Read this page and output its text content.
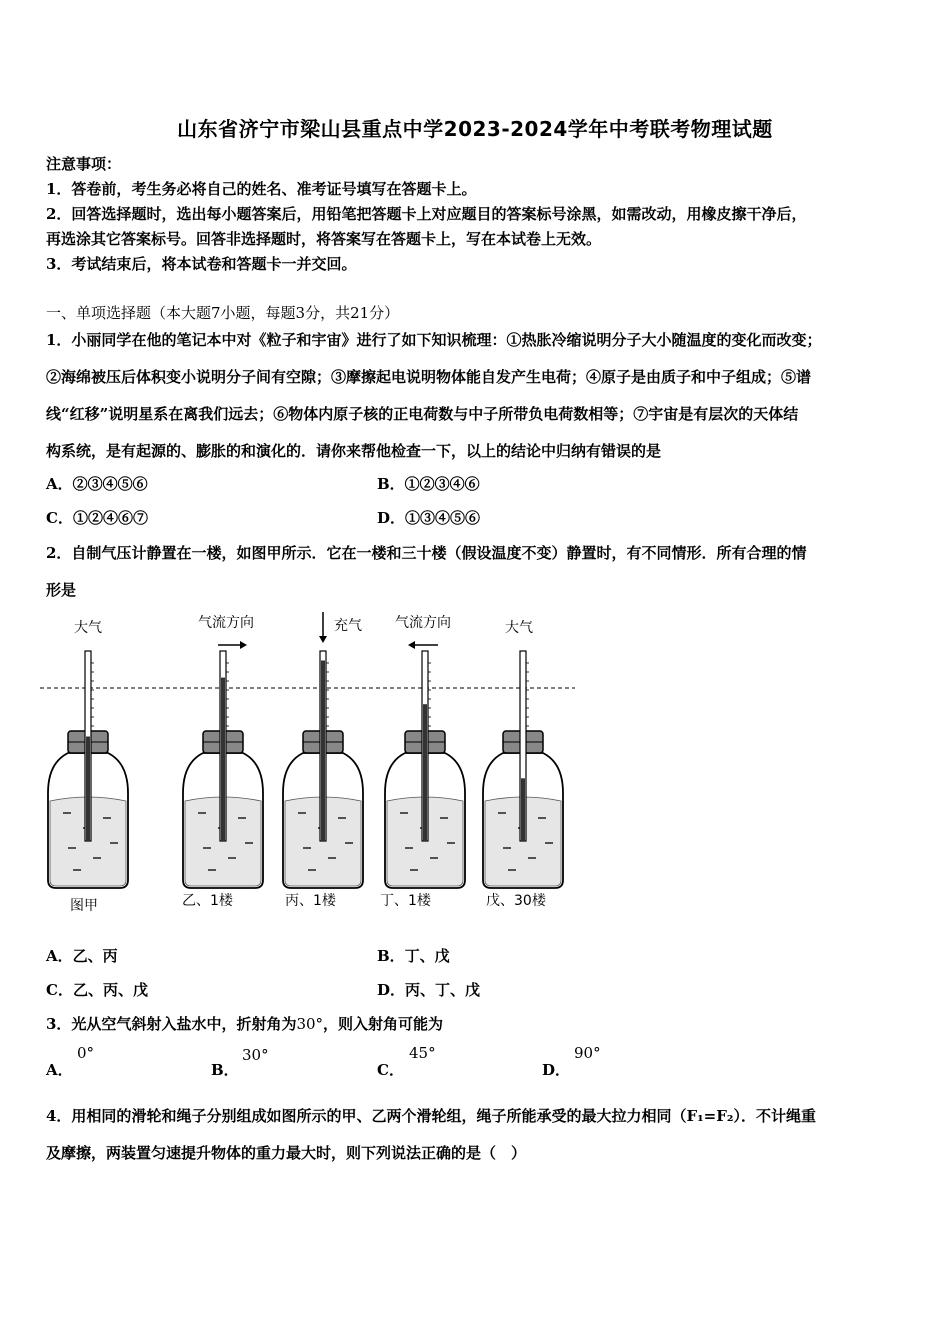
山东省济宁市梁山县重点中学2023-2024学年中考联考物理试题
注意事项：
1．答卷前，考生务必将自己的姓名、准考证号填写在答题卡上。
2．回答选择题时，选出每小题答案后，用铅笔把答题卡上对应题目的答案标号涂黑，如需改动，用橡皮擦干净后，
再选涂其它答案标号。回答非选择题时，将答案写在答题卡上，写在本试卷上无效。
3．考试结束后，将本试卷和答题卡一并交回。
一、单项选择题（本大题7小题，每题3分，共21分）
1．小丽同学在他的笔记本中对《粒子和宇宙》进行了如下知识梳理：①热胀冷缩说明分子大小随温度的变化而改变；
②海绵被压后体积变小说明分子间有空隙；③摩擦起电说明物体能自发产生电荷；④原子是由质子和中子组成；⑤谱
线“红移”说明星系在离我们远去；⑥物体内原子核的正电荷数与中子所带负电荷数相等；⑦宇宙是有层次的天体结
构系统，是有起源的、膨胀的和演化的．请你来帮他检查一下，以上的结论中归纳有错误的是
A．②③④⑤⑥	B．①②③④⑥
C．①②④⑥⑦	D．①③④⑤⑥
2．自制气压计静置在一楼，如图甲所示．它在一楼和三十楼（假设温度不变）静置时，有不同情形．所有合理的情
形是
大气	气流方向	充气 气流方向	大气
图甲	乙、1楼	丙、1楼	丁、1楼	戊、30楼
A．乙、丙	B．丁、戊
C．乙、丙、戊	D．丙、丁、戊
3．光从空气斜射入盐水中，折射角为30°，则入射角可能为
A．
0°
B．
30°
C．
45°
D．
90°
4．用相同的滑轮和绳子分别组成如图所示的甲、乙两个滑轮组，绳子所能承受的最大拉力相同（F₁=F₂）．不计绳重
及摩擦，两装置匀速提升物体的重力最大时，则下列说法正确的是（　）
